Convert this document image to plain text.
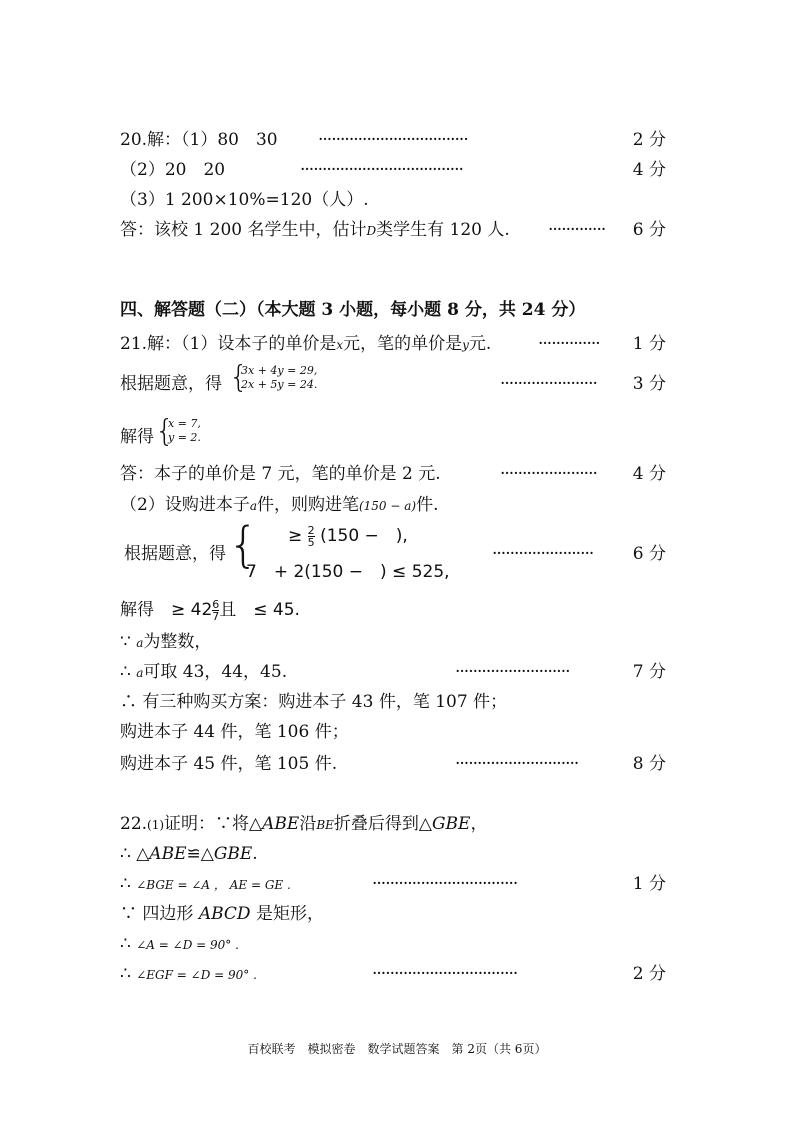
20.解：（1）80　30	··································	2 分
（2）20　20	·····································	4 分
（3）1 200×10%=120（人）.
答：该校 1 200 名学生中，估计D类学生有 120 人.	············· 6 分
四、解答题（二）（本大题 3 小题，每小题 8 分，共 24 分）
21.解：（1）设本子的单价是x元，笔的单价是y元.	·············· 1 分
根据题意，得 {
3x + 4y = 29,
2x + 5y = 24.	······················ 3 分
解得 {
x = 7,
y = 2.
答：本子的单价是 7 元，笔的单价是 2 元.	······················ 4 分
（2）设购进本子a件，则购进笔(150 − a)件.
根据题意，得 { ≥ $\frac{2}{5} (150$ −　),
7　+ 2(150 −　) ≤ 525,
······················· 6 分
解得　≥ $42 \frac{6}{7}$ 且　≤ 45.
∵ a为整数，
∴ a可取 43，44，45.	··························	7 分
∴ 有三种购买方案：购进本子 43 件，笔 107 件；
购进本子 44 件，笔 106 件；
购进本子 45 件，笔 105 件.	····························	8 分
22.(1)证明：∵将△ABE沿BE折叠后得到△GBE，
∴ △ABE≌△GBE.
∴ ∠BGE = ∠A ， AE = GE .	·································	1 分
∵ 四边形 ABCD 是矩形，
∴ ∠A = ∠D = 90° .
∴ ∠EGF = ∠D = 90° .	·································	2 分
百校联考　模拟密卷　数学试题答案　第 2页（共 6页）
